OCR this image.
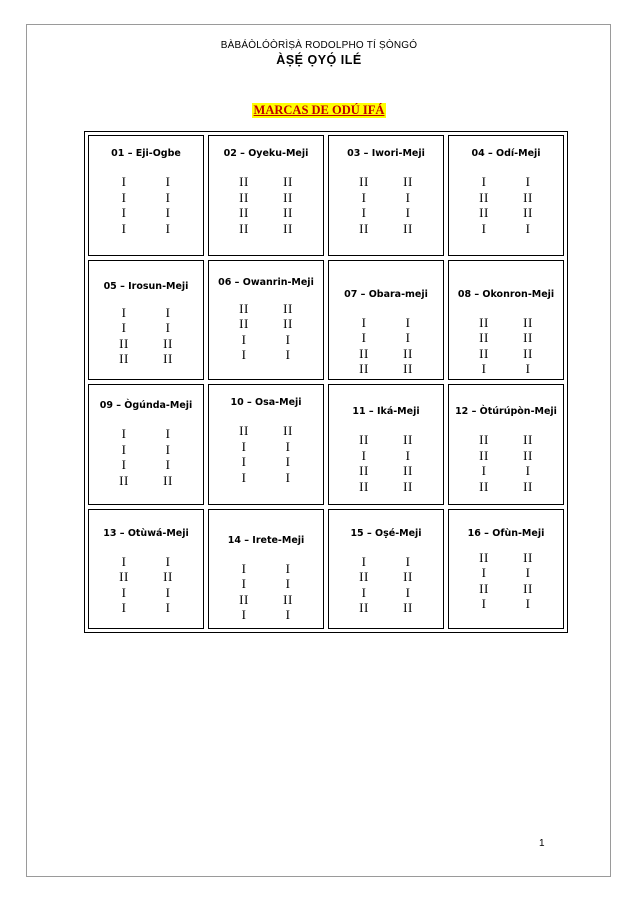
BÀBÁÒLÓÒRÌṢÀ RODOLPHO TÍ ṢÒNGÓ
ÀṢẸ́ ỌYỌ́ ILÉ
MARCAS DE ODÚ IFÁ
01 – Eji-Ogbe
I
I
I
I
I
I
I
I
02 – Oyeku-Meji
II
II
II
II
II
II
II
II
03 – Iwori-Meji
II
I
I
II
II
I
I
II
04 – Odí-Meji
I
II
II
I
I
II
II
I
05 – Irosun-Meji
I
I
II
II
I
I
II
II
06 – Owanrin-Meji
II
II
I
I
II
II
I
I
07 – Obara-meji
I
I
II
II
I
I
II
II
08 – Okonron-Meji
II
II
II
I
II
II
II
I
09 – Ògúnda-Meji
I
I
I
II
I
I
I
II
10 – Osa-Meji
II
I
I
I
II
I
I
I
11 – Iká-Meji
II
I
II
II
II
I
II
II
12 – Òtúrúpòn-Meji
II
II
I
II
II
II
I
II
13 – Otùwá-Meji
I
II
I
I
I
II
I
I
14 – Irete-Meji
I
I
II
I
I
I
II
I
15 – Oṣé-Meji
I
II
I
II
I
II
I
II
16 – Ofùn-Meji
II
I
II
I
II
I
II
I
1
